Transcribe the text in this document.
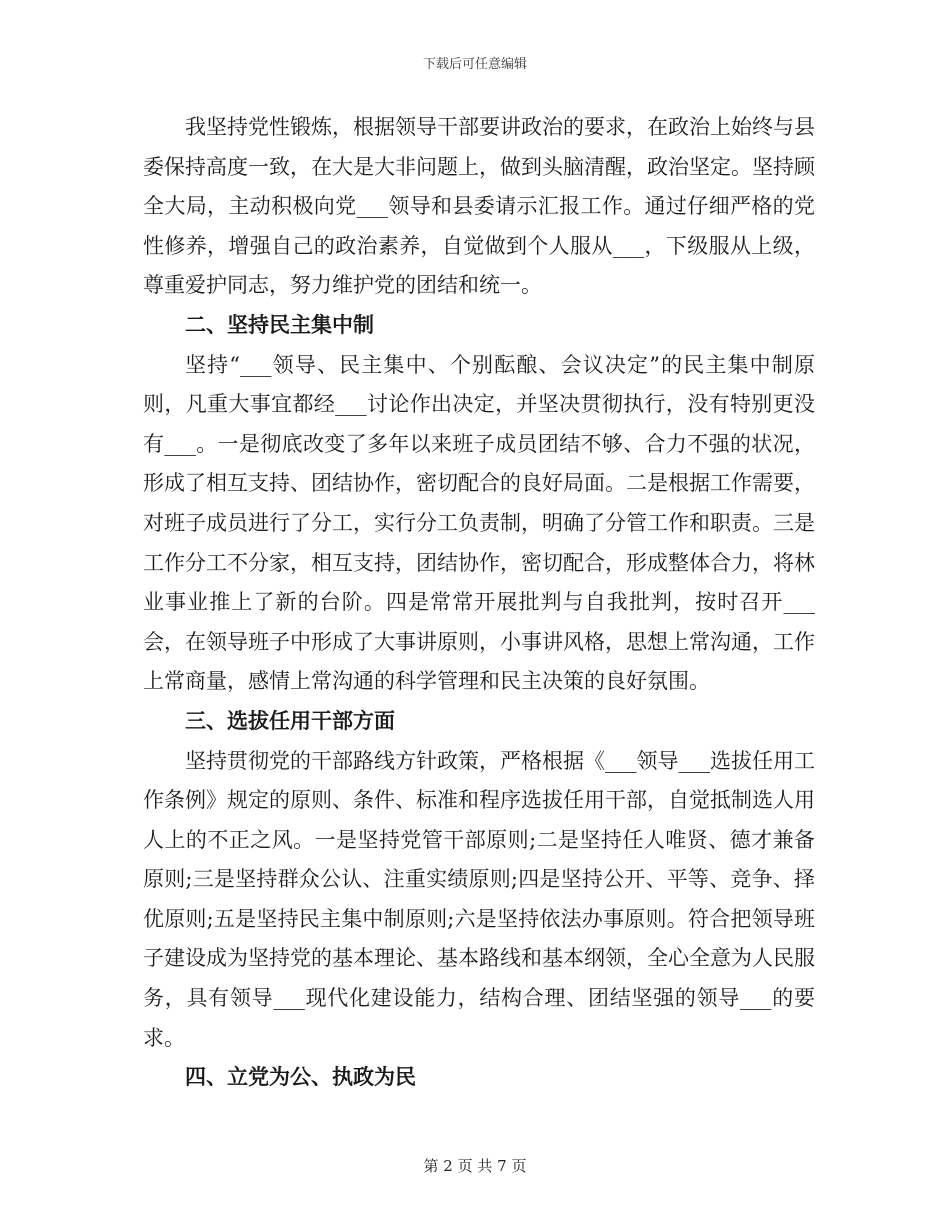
下载后可任意编辑

我坚持党性锻炼，根据领导干部要讲政治的要求，在政治上始终与县委保持高度一致，在大是大非问题上，做到头脑清醒，政治坚定。坚持顾全大局，主动积极向党___领导和县委请示汇报工作。通过仔细严格的党性修养，增强自己的政治素养，自觉做到个人服从___，下级服从上级，尊重爱护同志，努力维护党的团结和统一。

二、坚持民主集中制

坚持“___领导、民主集中、个别酝酿、会议决定”的民主集中制原则，凡重大事宜都经___讨论作出决定，并坚决贯彻执行，没有特别更没有___。一是彻底改变了多年以来班子成员团结不够、合力不强的状况，形成了相互支持、团结协作，密切配合的良好局面。二是根据工作需要，对班子成员进行了分工，实行分工负责制，明确了分管工作和职责。三是工作分工不分家，相互支持，团结协作，密切配合，形成整体合力，将林业事业推上了新的台阶。四是常常开展批判与自我批判，按时召开___会，在领导班子中形成了大事讲原则，小事讲风格，思想上常沟通，工作上常商量，感情上常沟通的科学管理和民主决策的良好氛围。

三、选拔任用干部方面

坚持贯彻党的干部路线方针政策，严格根据《___领导___选拔任用工作条例》规定的原则、条件、标准和程序选拔任用干部，自觉抵制选人用人上的不正之风。一是坚持党管干部原则;二是坚持任人唯贤、德才兼备原则;三是坚持群众公认、注重实绩原则;四是坚持公开、平等、竞争、择优原则;五是坚持民主集中制原则;六是坚持依法办事原则。符合把领导班子建设成为坚持党的基本理论、基本路线和基本纲领，全心全意为人民服务，具有领导___现代化建设能力，结构合理、团结坚强的领导___的要求。

四、立党为公、执政为民
第 2 页 共 7 页
